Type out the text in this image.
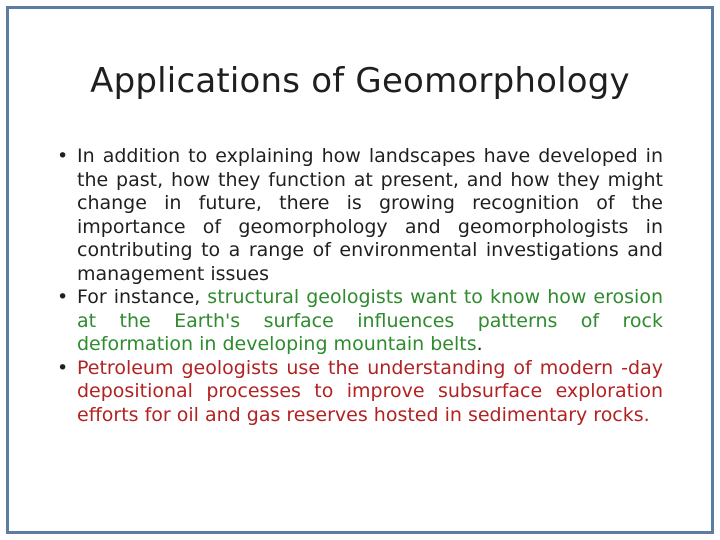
Applications of Geomorphology
• In addition to explaining how landscapes have developed in the past, how they function at present, and how they might change in future, there is growing recognition of the importance of geomorphology and geomorphologists in contributing to a range of environmental investigations and management issues
• For instance, structural geologists want to know how erosion at the Earth's surface influences patterns of rock deformation in developing mountain belts.
• Petroleum geologists use the understanding of modern -day depositional processes to improve subsurface exploration efforts for oil and gas reserves hosted in sedimentary rocks.
